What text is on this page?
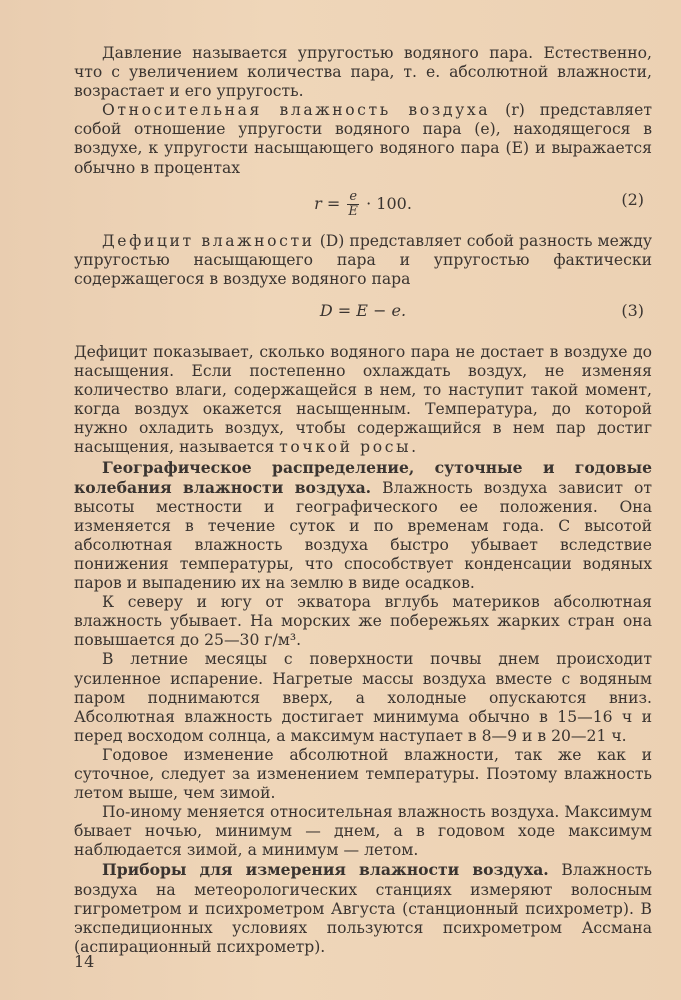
Давление называется упругостью водяного пара. Естественно, что с увеличением количества пара, т. е. абсолютной влажности, возрастает и его упругость.

Относительная влажность воздуха (r) представляет собой отношение упругости водяного пара (e), находящегося в воздухе, к упругости насыщающего водяного пара (E) и выражается обычно в процентах

$r = \frac{e}{E} \cdot 100$.	(2)

Дефицит влажности (D) представляет собой разность между упругостью насыщающего пара и упругостью фактически содержащегося в воздухе водяного пара

D = E − e.	(3)

Дефицит показывает, сколько водяного пара не достает в воздухе до насыщения. Если постепенно охлаждать воздух, не изменяя количество влаги, содержащейся в нем, то наступит такой момент, когда воздух окажется насыщенным. Температура, до которой нужно охладить воздух, чтобы содержащийся в нем пар достиг насыщения, называется точкой росы.

Географическое распределение, суточные и годовые колебания влажности воздуха. Влажность воздуха зависит от высоты местности и географического ее положения. Она изменяется в течение суток и по временам года. С высотой абсолютная влажность воздуха быстро убывает вследствие понижения температуры, что способствует конденсации водяных паров и выпадению их на землю в виде осадков.

К северу и югу от экватора вглубь материков абсолютная влажность убывает. На морских же побережьях жарких стран она повышается до 25—30 г/м³.

В летние месяцы с поверхности почвы днем происходит усиленное испарение. Нагретые массы воздуха вместе с водяным паром поднимаются вверх, а холодные опускаются вниз. Абсолютная влажность достигает минимума обычно в 15—16 ч и перед восходом солнца, а максимум наступает в 8—9 и в 20—21 ч.

Годовое изменение абсолютной влажности, так же как и суточное, следует за изменением температуры. Поэтому влажность летом выше, чем зимой.

По-иному меняется относительная влажность воздуха. Максимум бывает ночью, минимум — днем, а в годовом ходе максимум наблюдается зимой, а минимум — летом.

Приборы для измерения влажности воздуха. Влажность воздуха на метеорологических станциях измеряют волосным гигрометром и психрометром Августа (станционный психрометр). В экспедиционных условиях пользуются психрометром Ассмана (аспирационный психрометр).

14
